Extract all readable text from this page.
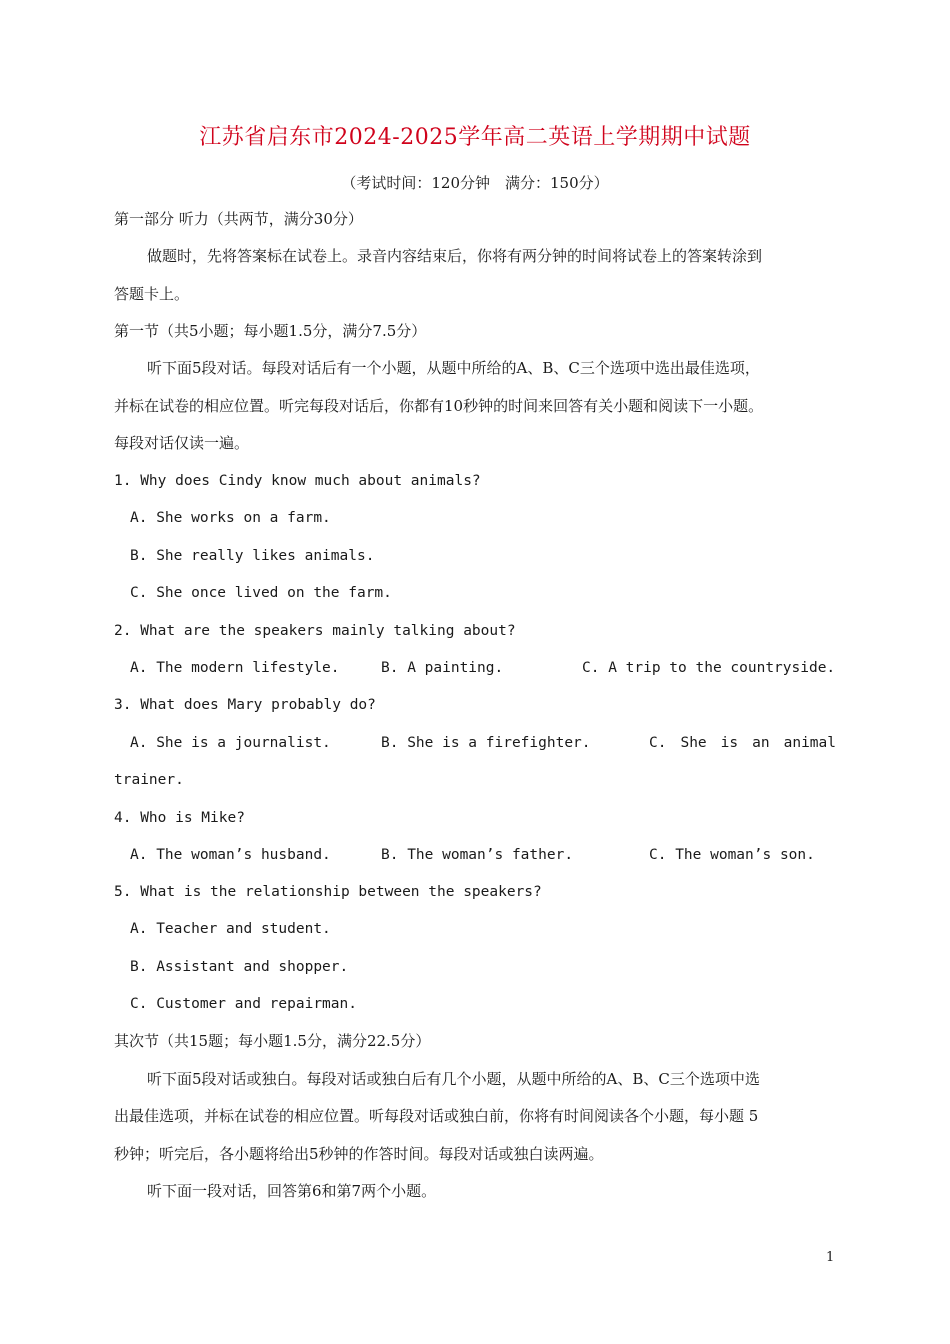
江苏省启东市2024-2025学年高二英语上学期期中试题
（考试时间：120分钟　满分：150分）
第一部分 听力（共两节，满分30分）
做题时，先将答案标在试卷上。录音内容结束后，你将有两分钟的时间将试卷上的答案转涂到
答题卡上。
第一节（共5小题；每小题1.5分，满分7.5分）
听下面5段对话。每段对话后有一个小题，从题中所给的A、B、C三个选项中选出最佳选项，
并标在试卷的相应位置。听完每段对话后，你都有10秒钟的时间来回答有关小题和阅读下一小题。
每段对话仅读一遍。
1. Why does Cindy know much about animals?
A. She works on a farm.
B. She really likes animals.
C. She once lived on the farm.
2. What are the speakers mainly talking about?
A. The modern lifestyle.	B. A painting.	C. A trip to the countryside.
3. What does Mary probably do?
A. She is a journalist.	B. She is a firefighter.	C. She is an animal
trainer.
4. Who is Mike?
A. The woman’s husband.	B. The woman’s father.	C. The woman’s son.
5. What is the relationship between the speakers?
A. Teacher and student.
B. Assistant and shopper.
C. Customer and repairman.
其次节（共15题；每小题1.5分，满分22.5分）
听下面5段对话或独白。每段对话或独白后有几个小题，从题中所给的A、B、C三个选项中选
出最佳选项，并标在试卷的相应位置。听每段对话或独白前，你将有时间阅读各个小题，每小题 5
秒钟；听完后，各小题将给出5秒钟的作答时间。每段对话或独白读两遍。
听下面一段对话，回答第6和第7两个小题。
1
